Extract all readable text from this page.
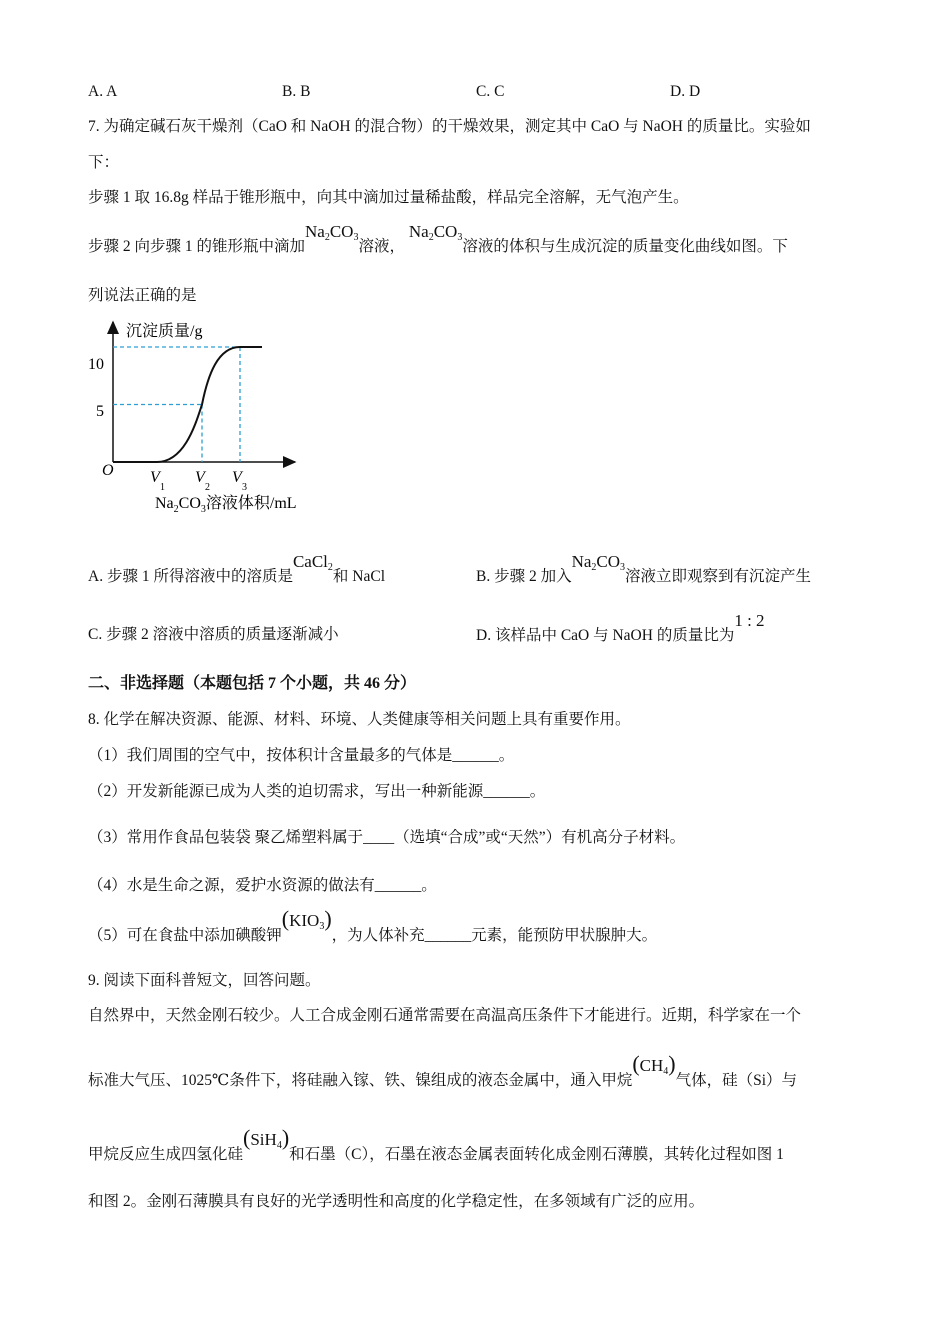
A. A	B. B	C. C	D. D
7. 为确定碱石灰干燥剂（CaO 和 NaOH 的混合物）的干燥效果，测定其中 CaO 与 NaOH 的质量比。实验如
下：
步骤 1 取 16.8g 样品于锥形瓶中，向其中滴加过量稀盐酸，样品完全溶解，无气泡产生。
步骤 2 向步骤 1 的锥形瓶中滴加$Na_2CO_3$溶液， $Na_2CO_3$溶液的体积与生成沉淀的质量变化曲线如图。下
列说法正确的是
沉淀质量/g
10
5
O V
1
V
2
V
3
$Na_2CO_3$溶液体积/mL
A. 步骤 1 所得溶液中的溶质是CaCl$_2$和 NaCl	B. 步骤 2 加入$Na_2CO_3$溶液立即观察到有沉淀产生
C. 步骤 2 溶液中溶质的质量逐渐减小	D. 该样品中 CaO 与 NaOH 的质量比为1 : 2
二、非选择题（本题包括 7 个小题，共 46 分）
8. 化学在解决资源、能源、材料、环境、人类健康等相关问题上具有重要作用。
（1）我们周围的空气中，按体积计含量最多的气体是______。
（2）开发新能源已成为人类的迫切需求，写出一种新能源______。
（3）常用作食品包装袋 聚乙烯塑料属于____（选填“合成”或“天然”）有机高分子材料。
（4）水是生命之源，爱护水资源的做法有______。
（5）可在食盐中添加碘酸钾$(KIO_3)$，为人体补充______元素，能预防甲状腺肿大。
9. 阅读下面科普短文，回答问题。
自然界中，天然金刚石较少。人工合成金刚石通常需要在高温高压条件下才能进行。近期，科学家在一个
标准大气压、1025℃条件下，将硅融入镓、铁、镍组成的液态金属中，通入甲烷$(CH_4)$气体，硅（Si）与
甲烷反应生成四氢化硅(SiH$_4$)和石墨（C），石墨在液态金属表面转化成金刚石薄膜，其转化过程如图 1
和图 2。金刚石薄膜具有良好的光学透明性和高度的化学稳定性，在多领域有广泛的应用。
